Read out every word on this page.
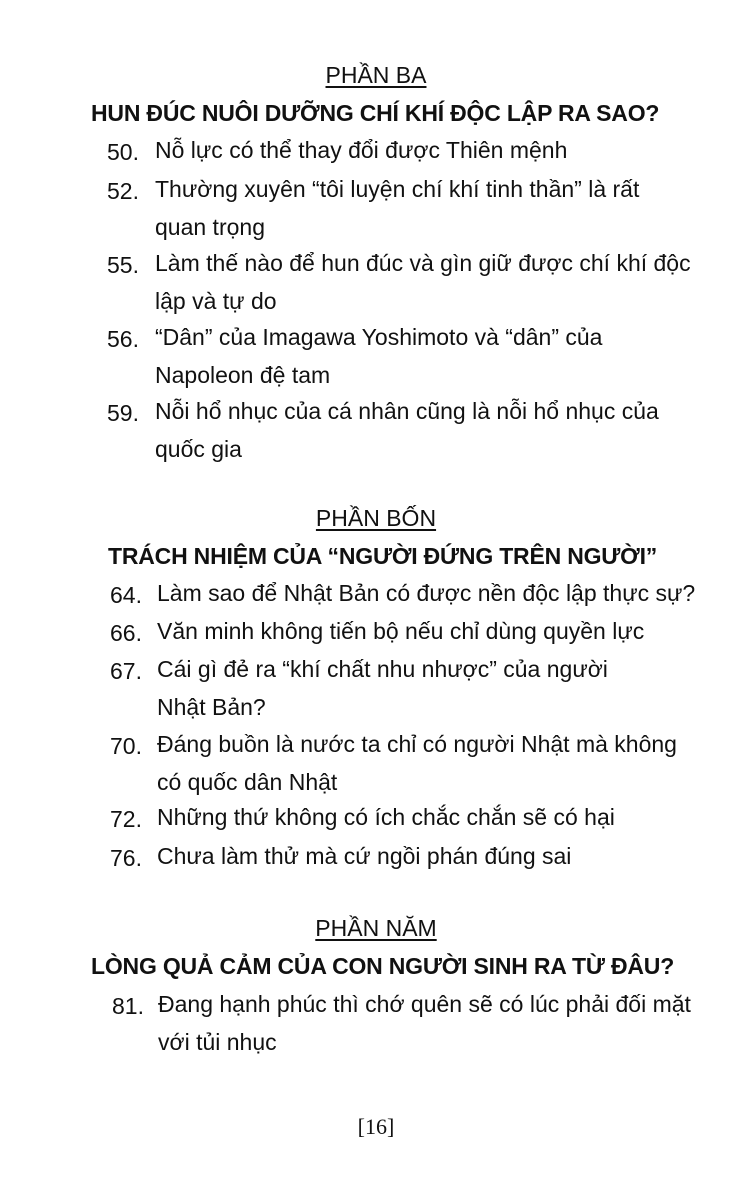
PHẦN BA
HUN ĐÚC NUÔI DƯỠNG CHÍ KHÍ ĐỘC LẬP RA SAO?
50. Nỗ lực có thể thay đổi được Thiên mệnh
52. Thường xuyên “tôi luyện chí khí tinh thần” là rất
quan trọng
55. Làm thế nào để hun đúc và gìn giữ được chí khí độc
lập và tự do
56. “Dân” của Imagawa Yoshimoto và “dân” của
Napoleon đệ tam
59. Nỗi hổ nhục của cá nhân cũng là nỗi hổ nhục của
quốc gia
PHẦN BỐN
TRÁCH NHIỆM CỦA “NGƯỜI ĐỨNG TRÊN NGƯỜI”
64. Làm sao để Nhật Bản có được nền độc lập thực sự?
66. Văn minh không tiến bộ nếu chỉ dùng quyền lực
67. Cái gì đẻ ra “khí chất nhu nhược” của người
Nhật Bản?
70. Đáng buồn là nước ta chỉ có người Nhật mà không
có quốc dân Nhật
72. Những thứ không có ích chắc chắn sẽ có hại
76. Chưa làm thử mà cứ ngồi phán đúng sai
PHẦN NĂM
LÒNG QUẢ CẢM CỦA CON NGƯỜI SINH RA TỪ ĐÂU?
81. Đang hạnh phúc thì chớ quên sẽ có lúc phải đối mặt
với tủi nhục
[16]
